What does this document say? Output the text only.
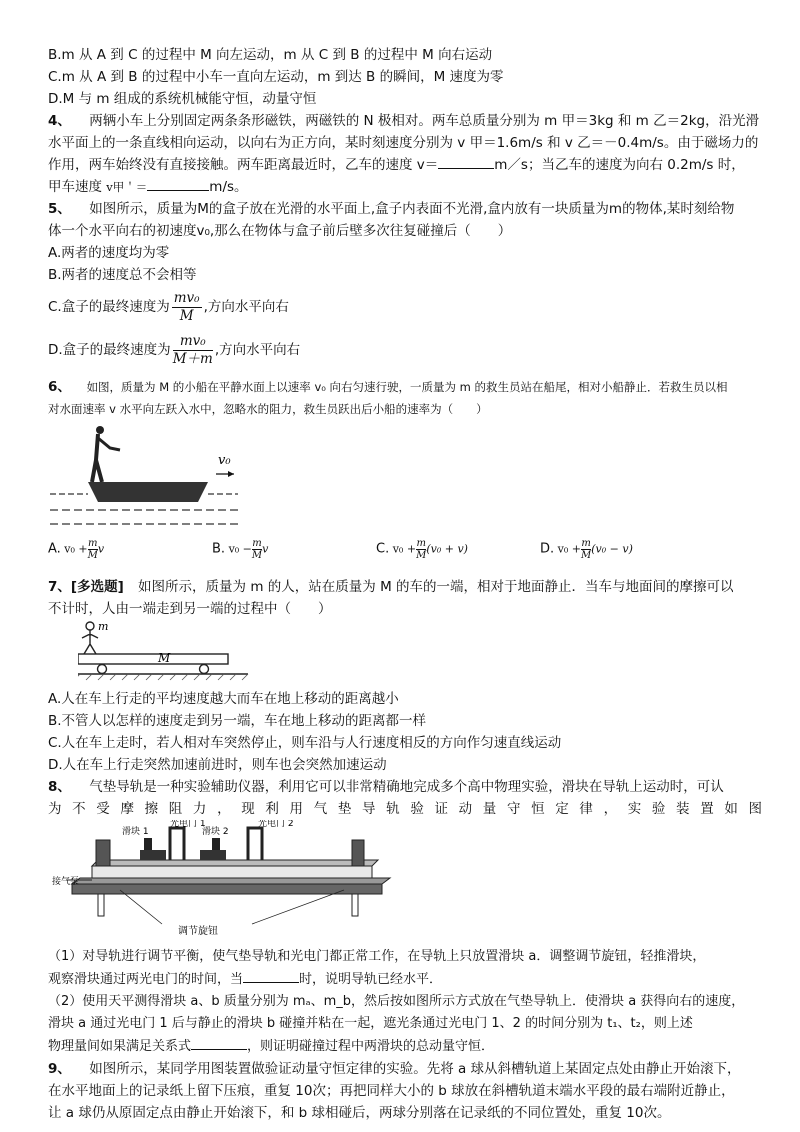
B.m 从 A 到 C 的过程中 M 向左运动，m 从 C 到 B 的过程中 M 向右运动
C.m 从 A 到 B 的过程中小车一直向左运动，m 到达 B 的瞬间，M 速度为零
D.M 与 m 组成的系统机械能守恒，动量守恒
4、 两辆小车上分别固定两条条形磁铁，两磁铁的 N 极相对。两车总质量分别为 m 甲＝3kg 和 m 乙＝2kg，沿光滑
水平面上的一条直线相向运动，以向右为正方向，某时刻速度分别为 v 甲＝1.6m/s 和 v 乙＝－0.4m/s。由于磁场力的
作用，两车始终没有直接接触。两车距离最近时，乙车的速度 v＝	m／s；当乙车的速度为向右 0.2m/s 时，
甲车速度 v甲＇＝	m/s。
5、 如图所示，质量为M的盒子放在光滑的水平面上,盒子内表面不光滑,盒内放有一块质量为m的物体,某时刻给物
体一个水平向右的初速度v₀,那么在物体与盒子前后壁多次往复碰撞后（　　）
A.两者的速度均为零
B.两者的速度总不会相等
C.盒子的最终速度为 $\frac{\text{mv₀}}{M}$ ,方向水平向右
D.盒子的最终速度为 $\frac{\text{mv₀}}{M+m}$ ,方向水平向右
6、 如图，质量为 M 的小船在平静水面上以速率 v₀ 向右匀速行驶，一质量为 m 的救生员站在船尾，相对小船静止．若救生员以相
对水面速率 v 水平向左跃入水中，忽略水的阻力，救生员跃出后小船的速率为（　　）
v₀
A. $v_0 + \frac{m}{M}$ v	B. $v_0 - \frac{m}{M}$ v	C. $v_0 + \frac{m}{M} (v_0 + v)$	D. $v_0 + \frac{m}{M} (v_0 - v)$
7、[多选题] 如图所示，质量为 m 的人，站在质量为 M 的车的一端，相对于地面静止．当车与地面间的摩擦可以
不计时，人由一端走到另一端的过程中（　　）
m
M
A.人在车上行走的平均速度越大而车在地上移动的距离越小
B.不管人以怎样的速度走到另一端，车在地上移动的距离都一样
C.人在车上走时，若人相对车突然停止，则车沿与人行速度相反的方向作匀速直线运动
D.人在车上行走突然加速前进时，则车也会突然加速运动
8、 气垫导轨是一种实验辅助仪器，利用它可以非常精确地完成多个高中物理实验，滑块在导轨上运动时，可认
为不受摩擦阻力，现利用气垫导轨验证动量守恒定律，实验装置如图
滑块 1
光电门 1
滑块 2
光电门 2
接气泵
调节旋钮
（1）对导轨进行调节平衡，使气垫导轨和光电门都正常工作，在导轨上只放置滑块 a．调整调节旋钮，轻推滑块，
观察滑块通过两光电门的时间，当	时，说明导轨已经水平．
（2）使用天平测得滑块 a、b 质量分别为 mₐ、m_b，然后按如图所示方式放在气垫导轨上．使滑块 a 获得向右的速度，
滑块 a 通过光电门 1 后与静止的滑块 b 碰撞并粘在一起，遮光条通过光电门 1、2 的时间分别为 t₁、t₂，则上述
物理量间如果满足关系式	，则证明碰撞过程中两滑块的总动量守恒．
9、 如图所示，某同学用图装置做验证动量守恒定律的实验。先将 a 球从斜槽轨道上某固定点处由静止开始滚下，
在水平地面上的记录纸上留下压痕，重复 10次；再把同样大小的 b 球放在斜槽轨道末端水平段的最右端附近静止，
让 a 球仍从原固定点由静止开始滚下，和 b 球相碰后，两球分别落在记录纸的不同位置处，重复 10次。
